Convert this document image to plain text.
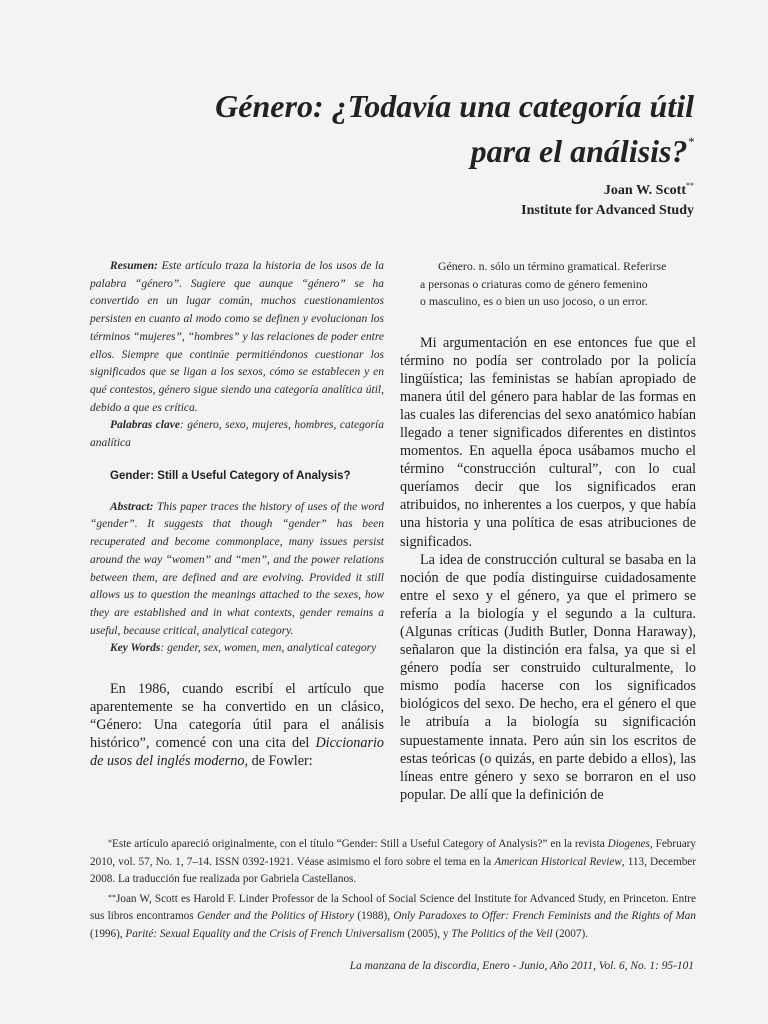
Género: ¿Todavía una categoría útil
para el análisis?*
Joan W. Scott**
Institute for Advanced Study

Resumen: Este artículo traza la historia de los usos de la palabra “género”. Sugiere que aunque “género” se ha convertido en un lugar común, muchos cuestionamientos persisten en cuanto al modo como se definen y evolucionan los términos “mujeres”, “hombres” y las relaciones de poder entre ellos. Siempre que continúe permitiéndonos cuestionar los significados que se ligan a los sexos, cómo se establecen y en qué contestos, género sigue siendo una categoría analítica útil, debido a que es crítica.

Palabras clave: género, sexo, mujeres, hombres, categoría analítica

Gender: Still a Useful Category of Analysis?

Abstract: This paper traces the history of uses of the word “gender”. It suggests that though “gender” has been recuperated and become commonplace, many issues persist around the way “women” and “men”, and the power relations between them, are defined and are evolving. Provided it still allows us to question the meanings attached to the sexes, how they are established and in what contexts, gender remains a useful, because critical, analytical category.

Key Words: gender, sex, women, men, analytical category

En 1986, cuando escribí el artículo que aparentemente se ha convertido en un clásico, “Género: Una categoría útil para el análisis histórico”, comencé con una cita del Diccionario de usos del inglés moderno, de Fowler:

Género. n. sólo un término gramatical. Referirse
a personas o criaturas como de género femenino
o masculino, es o bien un uso jocoso, o un error.

Mi argumentación en ese entonces fue que el término no podía ser controlado por la policía lingüística; las feministas se habían apropiado de manera útil del género para hablar de las formas en las cuales las diferencias del sexo anatómico habían llegado a tener significados diferentes en distintos momentos. En aquella época usábamos mucho el término “construcción cultural”, con lo cual queríamos decir que los significados eran atribuidos, no inherentes a los cuerpos, y que había una historia y una política de esas atribuciones de significados.

La idea de construcción cultural se basaba en la noción de que podía distinguirse cuidadosamente entre el sexo y el género, ya que el primero se refería a la biología y el segundo a la cultura. (Algunas críticas (Judith Butler, Donna Haraway), señalaron que la distinción era falsa, ya que si el género podía ser construido culturalmente, lo mismo podía hacerse con los significados biológicos del sexo. De hecho, era el género el que le atribuía a la biología su significación supuestamente innata. Pero aún sin los escritos de estas teóricas (o quizás, en parte debido a ellos), las líneas entre género y sexo se borraron en el uso popular. De allí que la definición de

*Este artículo apareció originalmente, con el título “Gender: Still a Useful Category of Analysis?” en la revista Diogenes, February 2010, vol. 57, No. 1, 7–14. ISSN 0392-1921. Véase asimismo el foro sobre el tema en la American Historical Review, 113, December 2008. La traducción fue realizada por Gabriela Castellanos.

**Joan W, Scott es Harold F. Linder Professor de la School of Social Science del Institute for Advanced Study, en Princeton. Entre sus libros encontramos Gender and the Politics of History (1988), Only Paradoxes to Offer: French Feminists and the Rights of Man (1996), Parité: Sexual Equality and the Crisis of French Universalism (2005), y The Politics of the Veil (2007).

La manzana de la discordia, Enero - Junio, Año 2011, Vol. 6, No. 1: 95-101
